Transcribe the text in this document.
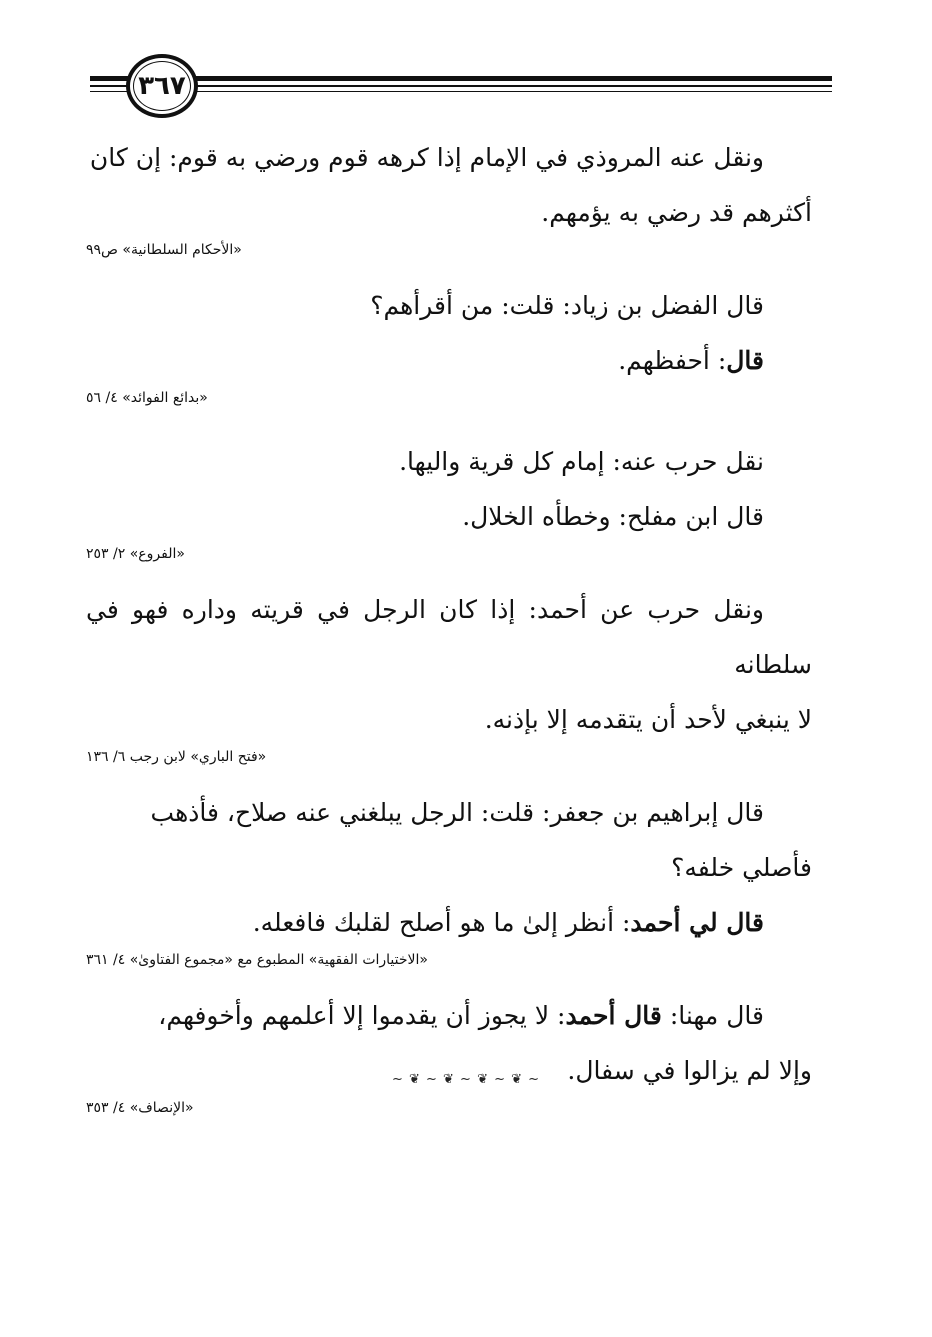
٣٦٧

ونقل عنه المروذي في الإمام إذا كرهه قوم ورضي به قوم: إن كان

أكثرهم قد رضي به يؤمهم.

«الأحكام السلطانية» ص٩٩

قال الفضل بن زياد: قلت: من أقرأهم؟

قال: أحفظهم.

«بدائع الفوائد» ٤/ ٥٦

نقل حرب عنه: إمام كل قرية واليها.

قال ابن مفلح: وخطأه الخلال.

«الفروع» ٢/ ٢٥٣

ونقل حرب عن أحمد: إذا كان الرجل في قريته وداره فهو في سلطانه

لا ينبغي لأحد أن يتقدمه إلا بإذنه.

«فتح الباري» لابن رجب ٦/ ١٣٦

قال إبراهيم بن جعفر: قلت: الرجل يبلغني عنه صلاح، فأذهب

فأصلي خلفه؟

قال لي أحمد: أنظر إلىٰ ما هو أصلح لقلبك فافعله.

«الاختيارات الفقهية» المطبوع مع «مجموع الفتاوىٰ» ٤/ ٣٦١

قال مهنا: قال أحمد: لا يجوز أن يقدموا إلا أعلمهم وأخوفهم،

وإلا لم يزالوا في سفال.

«الإنصاف» ٤/ ٣٥٣

~ ❦ ~ ❦ ~ ❦ ~ ❦ ~
